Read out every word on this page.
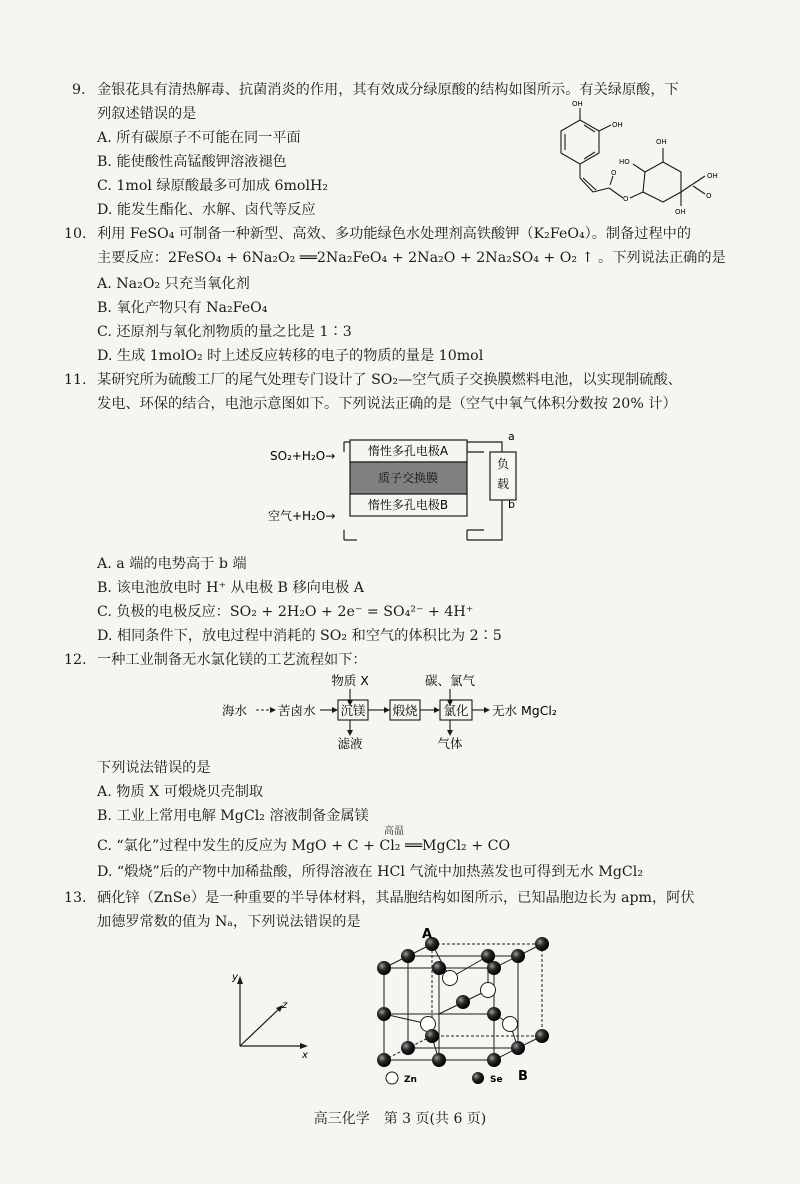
9. 金银花具有清热解毒、抗菌消炎的作用，其有效成分绿原酸的结构如图所示。有关绿原酸，下
列叙述错误的是
A. 所有碳原子不可能在同一平面
B. 能使酸性高锰酸钾溶液褪色
C. 1mol 绿原酸最多可加成 6molH₂
D. 能发生酯化、水解、卤代等反应
OH
OH
OH
HO
OH
OH
O
O
O
10. 利用 FeSO₄ 可制备一种新型、高效、多功能绿色水处理剂高铁酸钾（K₂FeO₄）。制备过程中的
主要反应：2FeSO₄ + 6Na₂O₂ ══2Na₂FeO₄ + 2Na₂O + 2Na₂SO₄ + O₂ ↑ 。下列说法正确的是
A. Na₂O₂ 只充当氧化剂
B. 氧化产物只有 Na₂FeO₄
C. 还原剂与氧化剂物质的量之比是 1∶3
D. 生成 1molO₂ 时上述反应转移的电子的物质的量是 10mol
11. 某研究所为硫酸工厂的尾气处理专门设计了 SO₂—空气质子交换膜燃料电池，以实现制硫酸、
发电、环保的结合，电池示意图如下。下列说法正确的是（空气中氧气体积分数按 20% 计）
惰性多孔电极A
质子交换膜
惰性多孔电极B
SO₂+H₂O→
空气+H₂O→
负
载
a
b
A. a 端的电势高于 b 端
B. 该电池放电时 H⁺ 从电极 B 移向电极 A
C. 负极的电极反应：SO₂ + 2H₂O + 2e⁻ = SO₄²⁻ + 4H⁺
D. 相同条件下，放电过程中消耗的 SO₂ 和空气的体积比为 2∶5
12. 一种工业制备无水氯化镁的工艺流程如下：
海水 苦卤水 沉镁 煅烧 氯化 无水 MgCl₂
物质 X	碳、氯气
滤液	气体
下列说法错误的是
A. 物质 X 可煅烧贝壳制取
B. 工业上常用电解 MgCl₂ 溶液制备金属镁
C. “氯化”过程中发生的反应为 MgO + C + Cl₂ ══MgCl₂ + CO
高温
D. “煅烧”后的产物中加稀盐酸，所得溶液在 HCl 气流中加热蒸发也可得到无水 MgCl₂
13. 硒化锌（ZnSe）是一种重要的半导体材料，其晶胞结构如图所示，已知晶胞边长为 apm，阿伏
加德罗常数的值为 Nₐ，下列说法错误的是
y
z
x
A
B
Zn	Se
高三化学　第 3 页(共 6 页)
